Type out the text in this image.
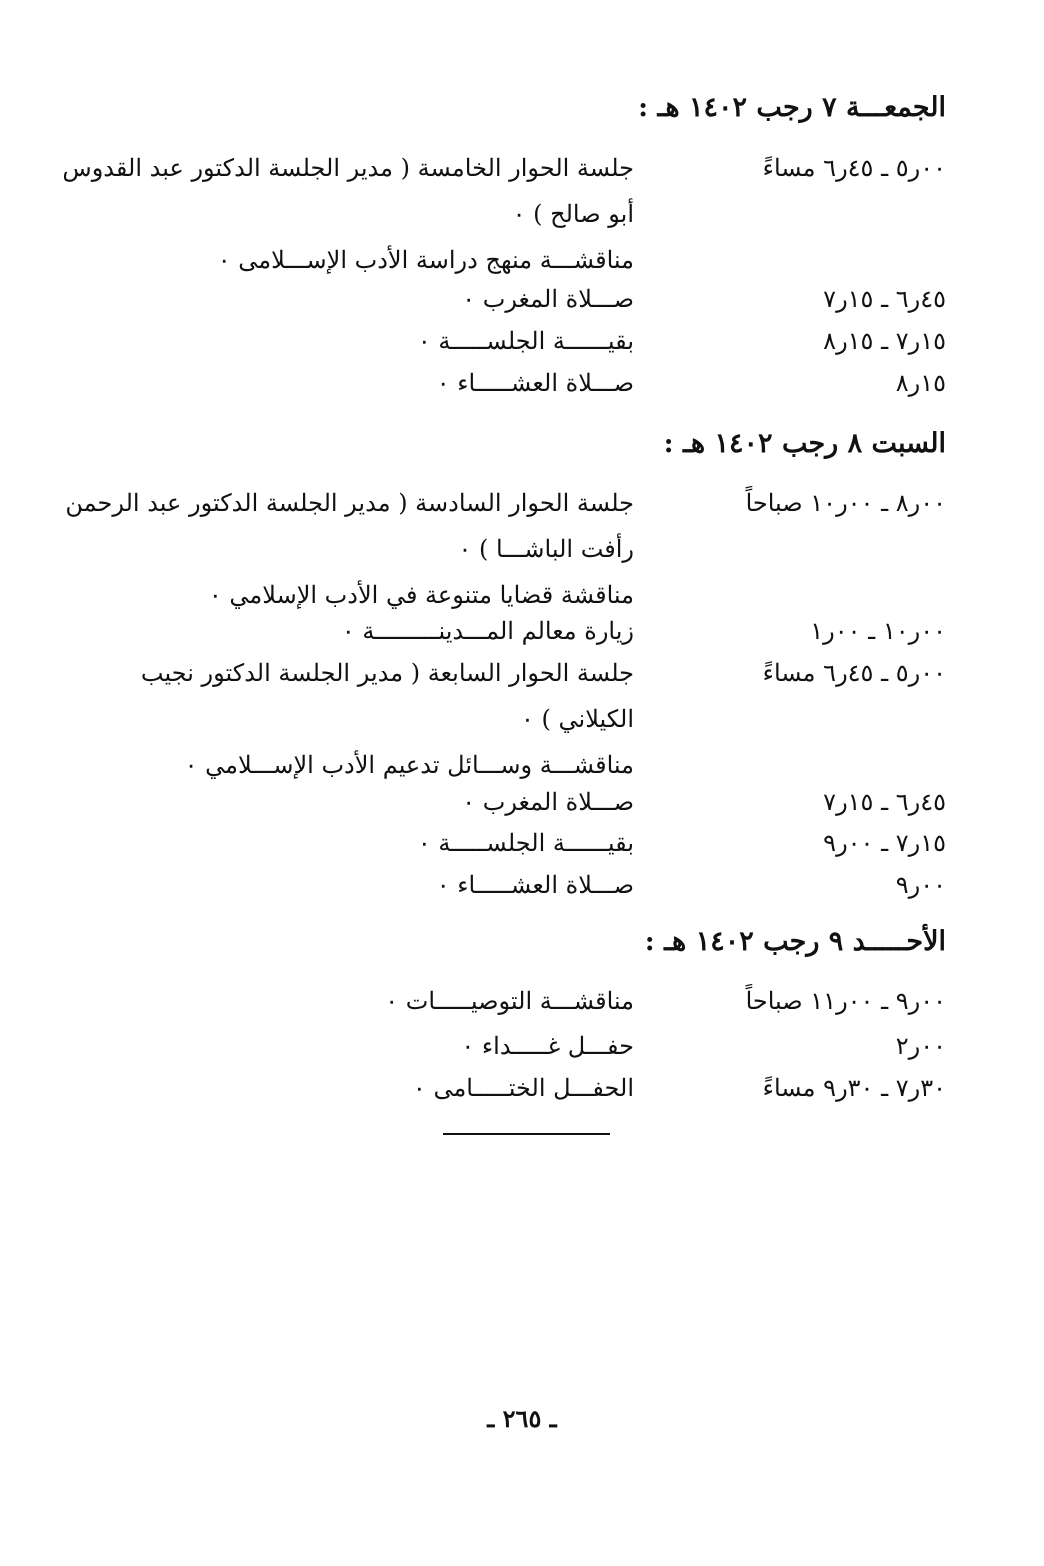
الجمعـــة ٧ رجب ١٤٠٢ هـ :
٠٠ر٥ ـ ٤٥ر٦ مساءً
جلسة الحوار الخامسة ( مدير الجلسة الدكتور عبد القدوس
أبو صالح ) ٠
مناقشـــة منهج دراسة الأدب الإســـلامى ٠
٤٥ر٦ ـ ١٥ر٧
صـــلاة المغرب ٠
١٥ر٧ ـ ١٥ر٨
بقيــــــة الجلســـــة ٠
١٥ر٨
صـــلاة العشـــــاء ٠
السبت ٨ رجب ١٤٠٢ هـ :
٠٠ر٨ ـ ٠٠ر١٠ صباحاً
جلسة الحوار السادسة ( مدير الجلسة الدكتور عبد الرحمن
رأفت الباشـــا ) ٠
مناقشة قضايا متنوعة في الأدب الإسلامي ٠
٠٠ر١٠ ـ ٠٠ر١
زيارة معالم المـــدينـــــــــة ٠
٠٠ر٥ ـ ٤٥ر٦ مساءً
جلسة الحوار السابعة ( مدير الجلسة الدكتور نجيب
الكيلاني ) ٠
مناقشـــة وســـائل تدعيم الأدب الإســـلامي ٠
٤٥ر٦ ـ ١٥ر٧
صـــلاة المغرب ٠
١٥ر٧ ـ ٠٠ر٩
بقيــــــة الجلســـــة ٠
٠٠ر٩
صـــلاة العشـــــاء ٠
الأحـــــد ٩ رجب ١٤٠٢ هـ :
٠٠ر٩ ـ ٠٠ر١١ صباحاً
مناقشـــة التوصيـــــات ٠
٠٠ر٢
حفـــل غـــــداء ٠
٣٠ر٧ ـ ٣٠ر٩ مساءً
الحفـــل الختـــــامى ٠
ـ ٢٦٥ ـ
